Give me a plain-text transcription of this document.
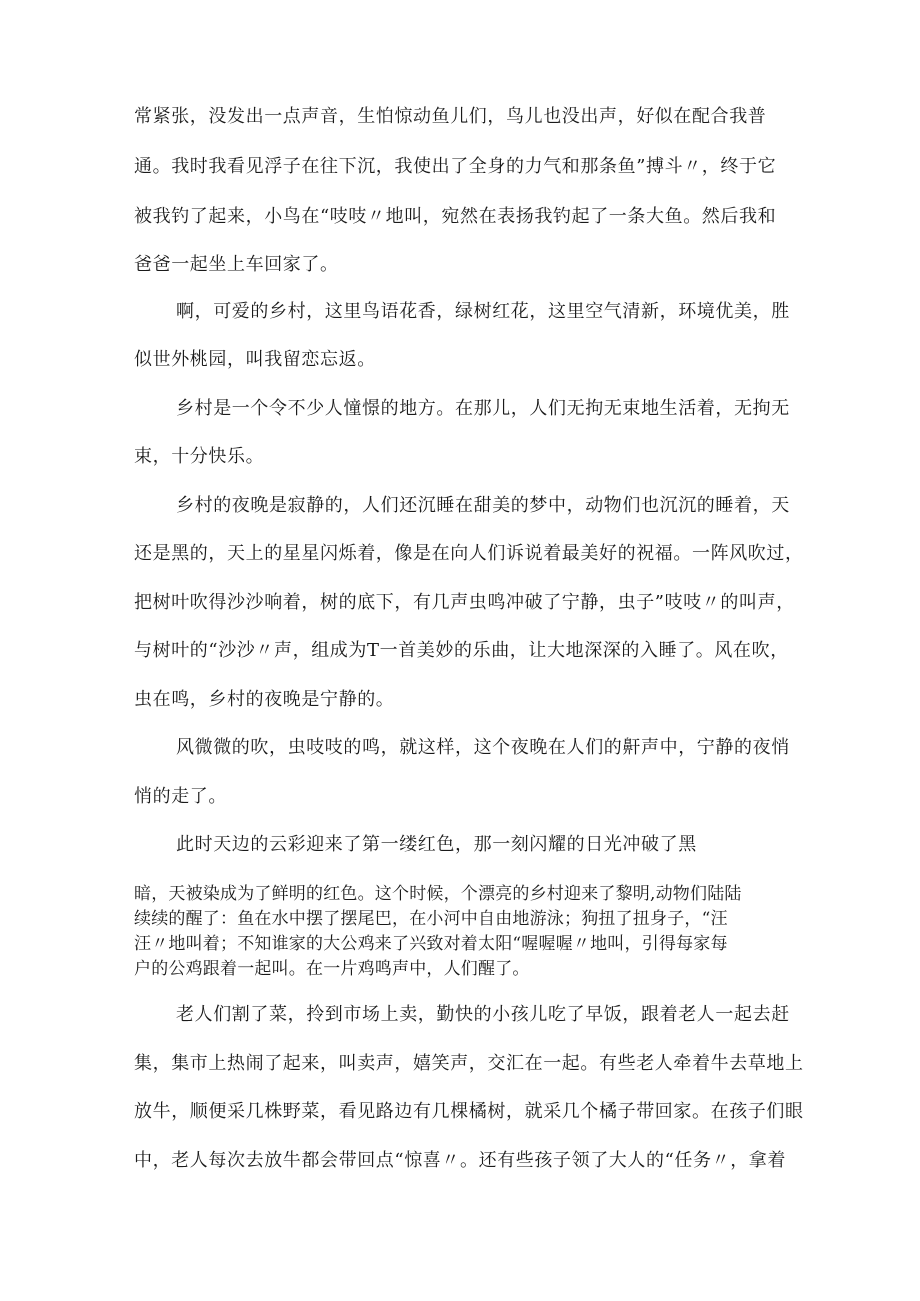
常紧张，没发出一点声音，生怕惊动鱼儿们，鸟儿也没出声，好似在配合我普
通。我时我看见浮子在往下沉，我使出了全身的力气和那条鱼”搏斗〃，终于它
被我钓了起来，小鸟在“吱吱〃地叫，宛然在表扬我钓起了一条大鱼。然后我和
爸爸一起坐上车回家了。
啊，可爱的乡村，这里鸟语花香，绿树红花，这里空气清新，环境优美，胜
似世外桃园，叫我留恋忘返。
乡村是一个令不少人憧憬的地方。在那儿，人们无拘无束地生活着，无拘无
束，十分快乐。
乡村的夜晚是寂静的，人们还沉睡在甜美的梦中，动物们也沉沉的睡着，天
还是黑的，天上的星星闪烁着，像是在向人们诉说着最美好的祝福。一阵风吹过，
把树叶吹得沙沙响着，树的底下，有几声虫鸣冲破了宁静，虫子”吱吱〃的叫声，
与树叶的“沙沙〃声，组成为T一首美妙的乐曲，让大地深深的入睡了。风在吹，
虫在鸣，乡村的夜晚是宁静的。
风微微的吹，虫吱吱的鸣，就这样，这个夜晚在人们的鼾声中，宁静的夜悄
悄的走了。
此时天边的云彩迎来了第一缕红色，那一刻闪耀的日光冲破了黑
暗，天被染成为了鲜明的红色。这个时候，个漂亮的乡村迎来了黎明,动物们陆陆
续续的醒了：鱼在水中摆了摆尾巴，在小河中自由地游泳；狗扭了扭身子，“汪
汪〃地叫着；不知谁家的大公鸡来了兴致对着太阳“喔喔喔〃地叫，引得每家每
户的公鸡跟着一起叫。在一片鸡鸣声中，人们醒了。
老人们割了菜，拎到市场上卖，勤快的小孩儿吃了早饭，跟着老人一起去赶
集，集市上热闹了起来，叫卖声，嬉笑声，交汇在一起。有些老人牵着牛去草地上
放牛，顺便采几株野菜，看见路边有几棵橘树，就采几个橘子带回家。在孩子们眼
中，老人每次去放牛都会带回点“惊喜〃。还有些孩子领了大人的“任务〃，拿着
